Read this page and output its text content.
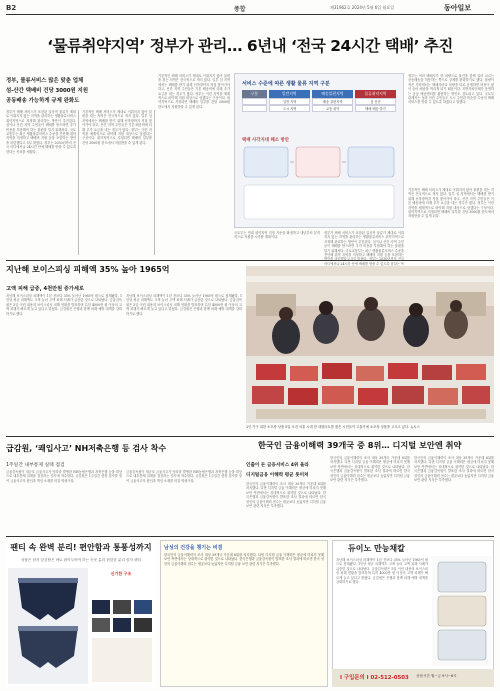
B2	종합	제31962호 2024년 5월 6일 월요일	동아일보
‘물류취약지역’ 정부가 관리… 6년내 ‘전국 24시간 택배’ 추진
정부, 물류서비스 많은 맞춘 업체
섬-산간 택배비 건당 3000원 지원
공동배송 가능하게 규제 완화도
정부가 택배 서비스가 포함된 일상적 물류가 제대로 이뤄지지 않는 지역을 관리하는 생활물류서비스 취약지역으로 지정해 관리하는 방안이 추진된다. 섬이나 산간 지역 주민들이 택배를 받으려면 추가 비용을 부담해야 하는 불편을 덜기 위해서다. 국토교통부는 최근 생활물류서비스 수준을 진단해 취약 지역을 지정하고 택배비 지원 등을 포함하는 방안을 마련했다고 5일 밝혔다. 정부는 2030년까지 전국 어디에서나 24시간 안에 택배를 받을 수 있도록 한다는 목표를 세웠다.
기본적인 택배 서비스가 제대로 이뤄지지 않아 불편을 겪는 지역은 전국적으로 적지 않다. 일부 섬 지역에서는 택배를 받기 위해 선착장까지 직접 찾아가야 하고, 산간 지역 주민들은 기본 배송비에 더해 추가 요금을 내는 경우가 많다. 정부는 이런 지역을 체계적으로 파악해 지원 대상으로 삼겠다는 구상이다. 취약지역으로 지정되면 택배비 일부를 건당 3000원 한도에서 지원받을 수 있게 된다.
기본적인 택배 서비스가 제대로 이뤄지지 않아 불편을 겪는 지역은 전국적으로 적지 않다. 일부 섬 지역에서는 택배를 받기 위해 선착장까지 직접 찾아가야 하고, 산간 지역 주민들은 기본 배송비에 더해 추가 요금을 내는 경우가 많다. 정부는 이런 지역을 체계적으로 파악해 지원 대상으로 삼겠다는 구상이다. 취약지역으로 지정되면 택배비 일부를 건당 3000원 한도에서 지원받을 수 있게 된다.
서비스 수준에 따른 생활 물류 지역 구분
구분	일반지역	배송불편지역	물류취약지역
일반 지역	배송 불편지역	섬 산간
도시 지역	교통 취약	택배 배송 불가
택배 사각지대 해소 방안
정부는 여러 택배사가 한 차량으로 물건을 함께 실어 나르는 공동배송을 허용하는 쪽으로 규제를 완화하기로 했다. 물량이 적은 지역에서는 택배사마다 차량을 따로 운행하면 비용이 많이 들어 배송을 꺼리게 되기 때문이다. 지방자치단체가 운영하는 공공 배송센터를 활용하는 방안도 검토되고 있다. 국토부 관계자는 섬과 산간 주민들도 도시 주민과 비슷한 수준의 택배 서비스를 받을 수 있도록 하겠다고 말했다.
국토부는 연내 취약지역 지정 기준을 확정하고 내년부터 본격적으로 지원을 시작할 계획이다.
정부가 택배 서비스가 포함된 일상적 물류가 제대로 이뤄지지 않는 지역을 관리하는 생활물류서비스 취약지역으로 지정해 관리하는 방안이 추진된다. 섬이나 산간 지역 주민들이 택배를 받으려면 추가 비용을 부담해야 하는 불편을 덜기 위해서다. 국토교통부는 최근 생활물류서비스 수준을 진단해 취약 지역을 지정하고 택배비 지원 등을 포함하는 어디에서나 24시간 안에 택배를 받을 수 있도록 한다는 목
기본적인 택배 서비스가 제대로 이뤄지지 않아 불편을 겪는 지역은 전국적으로 적지 않다. 일부 섬 지역에서는 택배를 받기 위해 선착장까지 직접 찾아가야 하고, 산간 지역 주민들은 기본 배송비에 더해 추가 요금을 내는 경우가 많다. 정부는 이런 지역을 체계적으로 파악해 지원 대상으로 삼겠다는 구상이다. 취약지역으로 지정되면 택배비 일부를 건당 3000원 한도에서 지원받을 수 있게 된다.
지난해 보이스피싱 피해액 35% 높아 1965억
고액 피해 급증, 4천만원 증가세로
지난해 보이스피싱 피해액이 1년 전보다 35% 늘어난 1965억 원으로 집계됐다. 1인당 평균 피해액도 크게 늘어 고액 피해 사례가 급증한 것으로 나타났다. 금융감독원은 5일 이런 내용의 보이스피싱 피해 현황을 발표하며 특히 4000만 원 이상의 고액 피해가 빠르게 늘고 있다고 밝혔다. 금감원은 은행과 함께 피해 예방 대책을 강화하기로 했다.
지난해 보이스피싱 피해액이 1년 전보다 35% 늘어난 1965억 원으로 집계됐다. 1인당 평균 피해액도 크게 늘어 고액 피해 사례가 급증한 것으로 나타났다. 금융감독원은 5일 이런 내용의 보이스피싱 피해 현황을 발표하며 특히 4000만 원 이상의 고액 피해가 빠르게 늘고 있다고 밝혔다. 금감원은 은행과 함께 피해 예방 대책을 강화하기로 했다.
1인 가구 위한 소포장 상품 5일 오전 서울 시내 한 대형마트를 찾은 시민들이 고물가에 소포장 상품을 고르고 있다. 뉴시스
급감원, ‘쾌입사고’ NH저축은행 등 검사 착수
1주일간 내부통제 실태 점검
금융감독원이 대규모 금융사고가 잇따라 발생한 NH농협은행과 저축은행 등을 대상으로 내부통제 실태를 점검하는 검사에 착수한다. 금감원은 1주일간 현장 검사를 벌여 금융사고의 원인과 책임 소재를 따질 방침이다.
금융감독원이 대규모 금융사고가 잇따라 발생한 NH농협은행과 저축은행 등을 대상으로 내부통제 실태를 점검하는 검사에 착수한다. 금감원은 1주일간 현장 검사를 벌여 금융사고의 원인과 책임 소재를 따질 방침이다.
한국인 금융이해력 39개국 중 8위… 디지털 보안엔 취약
인출이 돈 금융서비스 4위 올라
디지털금융 이해력 평균 못미쳐
한국인의 금융이해력이 조사 대상 39개국 가운데 8위를 차지했다. 다만 디지털 금융 이해력은 평균에 미치지 못해 보안 측면에서는 상대적으로 취약한 것으로 나타났다. 한국은행과 금융감독원이 발표한 조사 결과에 따르면 한국 성인의 금융이해력 점수는 평균보다 높았지만 디지털 금융 보안 관련 지식은 부족했다.
한국인의 금융이해력이 조사 대상 39개국 가운데 8위를 차지했다. 다만 디지털 금융 이해력은 평균에 미치지 못해 보안 측면에서는 상대적으로 취약한 것으로 나타났다. 한국은행과 금융감독원이 발표한 조사 결과에 따르면 한국 성인의 금융이해력 점수는 평균보다 높았지만 디지털 금융 보안 관련 지식은 부족했다.
한국인의 금융이해력이 조사 대상 39개국 가운데 8위를 차지했다. 다만 디지털 금융 이해력은 평균에 미치지 못해 보안 측면에서는 상대적으로 취약한 것으로 나타났다. 한국은행과 금융감독원이 발표한 조사 결과에 따르면 한국 성인의 금융이해력 점수는 평균보다 높았지만 디지털 금융 보안 관련 지식은 부족했다.
팬티 속 완벽 분리! 편안함과 통풍성까지
상품은 남자 앞감합은 바로 잡아두어야 하는 속옷 분리 편한한 분리 삼각 팬티
신기한 구조
남성의 건강을 챙기는 비결
한국인의 금융이해력이 조사 대상 39개국 가운데 8위를 차지했다. 다만 디지털 금융 이해력은 평균에 미치지 못해 보안 측면에서는 상대적으로 취약한 것으로 나타났다. 한국은행과 금융감독원이 발표한 조사 결과에 따르면 한국 성인의 금융이해력 점수는 평균보다 높았지만 디지털 금융 보안 관련 지식은 부족했다.
듀이노 만능채칼
지난해 보이스피싱 피해액이 1년 전보다 35% 늘어난 1965억 원으로 집계됐다. 1인당 평균 피해액도 크게 늘어 고액 피해 사례가 급증한 것으로 나타났다. 금융감독원은 5일 이런 내용의 보이스피싱 피해 현황을 발표하며 특히 4000만 원 이상의 고액 피해가 빠르게 늘고 있다고 밝혔다. 금감원은 은행과 함께 피해 예방 대책을 강화하기로 했다.
I 구입문의 I 02-512-0503 상담시간 월~금 9시~6시
